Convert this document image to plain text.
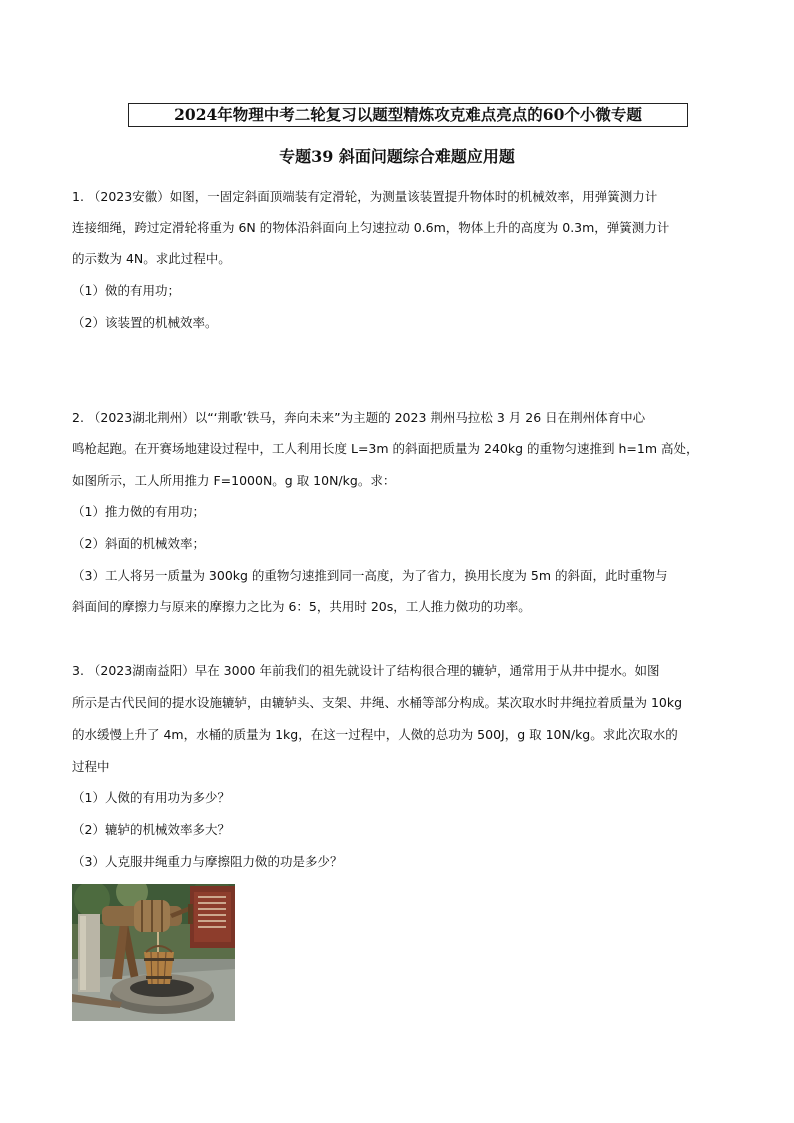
2024年物理中考二轮复习以题型精炼攻克难点亮点的60个小微专题
专题39 斜面问题综合难题应用题
1. （2023安徽）如图，一固定斜面顶端装有定滑轮，为测量该装置提升物体时的机械效率，用弹簧测力计
连接细绳，跨过定滑轮将重为 6N 的物体沿斜面向上匀速拉动 0.6m，物体上升的高度为 0.3m，弹簧测力计
的示数为 4N。求此过程中。
（1）傚的有用功；
（2）该装置的机械效率。
2. （2023湖北荆州）以“‘荆歌’铁马，奔向未来”为主题的 2023 荆州马拉松 3 月 26 日在荆州体育中心
鸣枪起跑。在开赛场地建设过程中，工人利用长度 L=3m 的斜面把质量为 240kg 的重物匀速推到 h=1m 高处，
如图所示，工人所用推力 F=1000N。g 取 10N/kg。求：
（1）推力傚的有用功；
（2）斜面的机械效率；
（3）工人将另一质量为 300kg 的重物匀速推到同一高度，为了省力，换用长度为 5m 的斜面，此时重物与
斜面间的摩擦力与原来的摩擦力之比为 6：5，共用时 20s，工人推力傚功的功率。
3. （2023湖南益阳）早在 3000 年前我们的祖先就设计了结构很合理的辘轳，通常用于从井中提水。如图
所示是古代民间的提水设施辘轳，由辘轳头、支架、井绳、水桶等部分构成。某次取水时井绳拉着质量为 10kg
的水缓慢上升了 4m，水桶的质量为 1kg，在这一过程中，人傚的总功为 500J，g 取 10N/kg。求此次取水的
过程中
（1）人傚的有用功为多少？
（2）辘轳的机械效率多大？
（3）人克服井绳重力与摩擦阻力傚的功是多少？
